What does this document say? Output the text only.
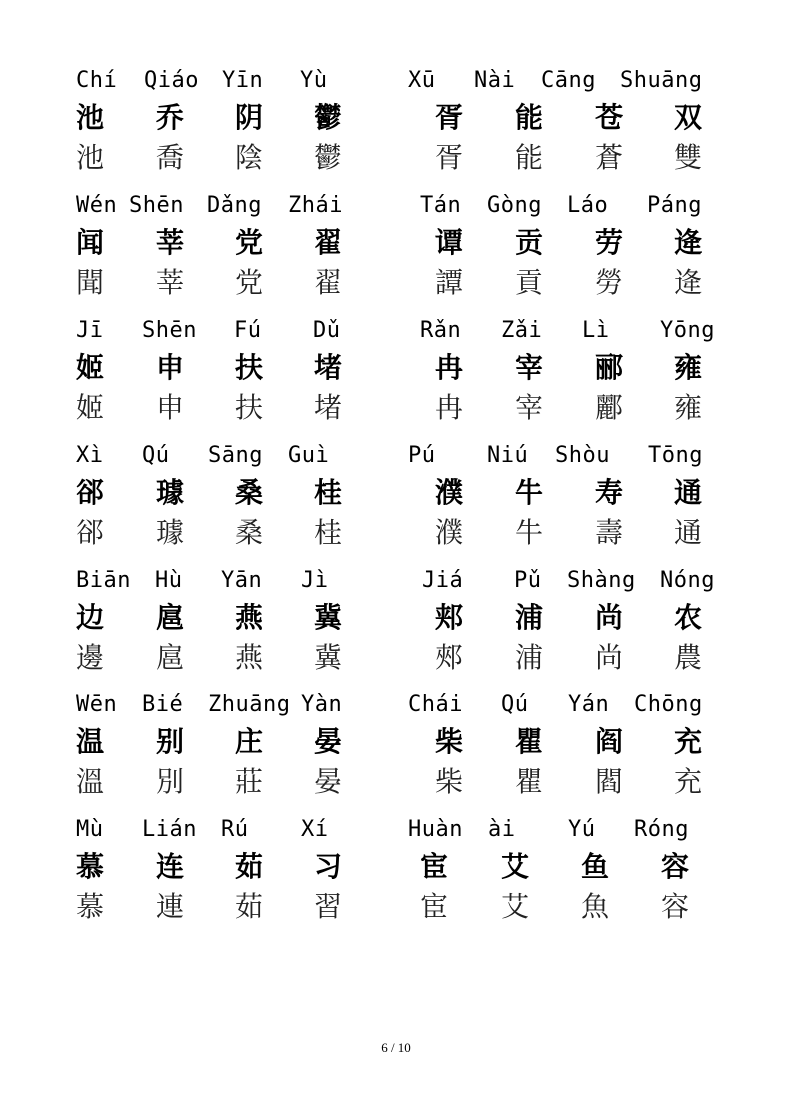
Chí Qiáo Yīn Yù	Xū Nài Cāng Shuāng
池 乔 阴 鬱	胥 能 苍 双
池 喬 陰 鬱	胥 能 蒼 雙
Wén Shēn Dǎng Zhái	Tán Gòng Láo Páng
闻 莘 党 翟	谭 贡 劳 逄
聞 莘 党 翟	譚 貢 勞 逄
Jī Shēn Fú Dǔ	Rǎn Zǎi Lì Yōng
姬 申 扶 堵	冉 宰 郦 雍
姬 申 扶 堵	冉 宰 酈 雍
Xì Qú Sāng Guì	Pú Niú Shòu Tōng
郤 璩 桑 桂	濮 牛 寿 通
郤 璩 桑 桂	濮 牛 壽 通
Biān Hù Yān Jì	Jiá Pǔ Shàng Nóng
边 扈 燕 冀	郏 浦 尚 农
邊 扈 燕 冀	郟 浦 尚 農
Wēn Bié Zhuāng Yàn	Chái Qú Yán Chōng
温 别 庄 晏	柴 瞿 阎 充
溫 別 莊 晏	柴 瞿 閻 充
Mù Lián Rú Xí	Huàn ài Yú Róng
慕 连 茹 习	宦 艾 鱼 容
慕 連 茹 習	宦 艾 魚 容
6 / 10
